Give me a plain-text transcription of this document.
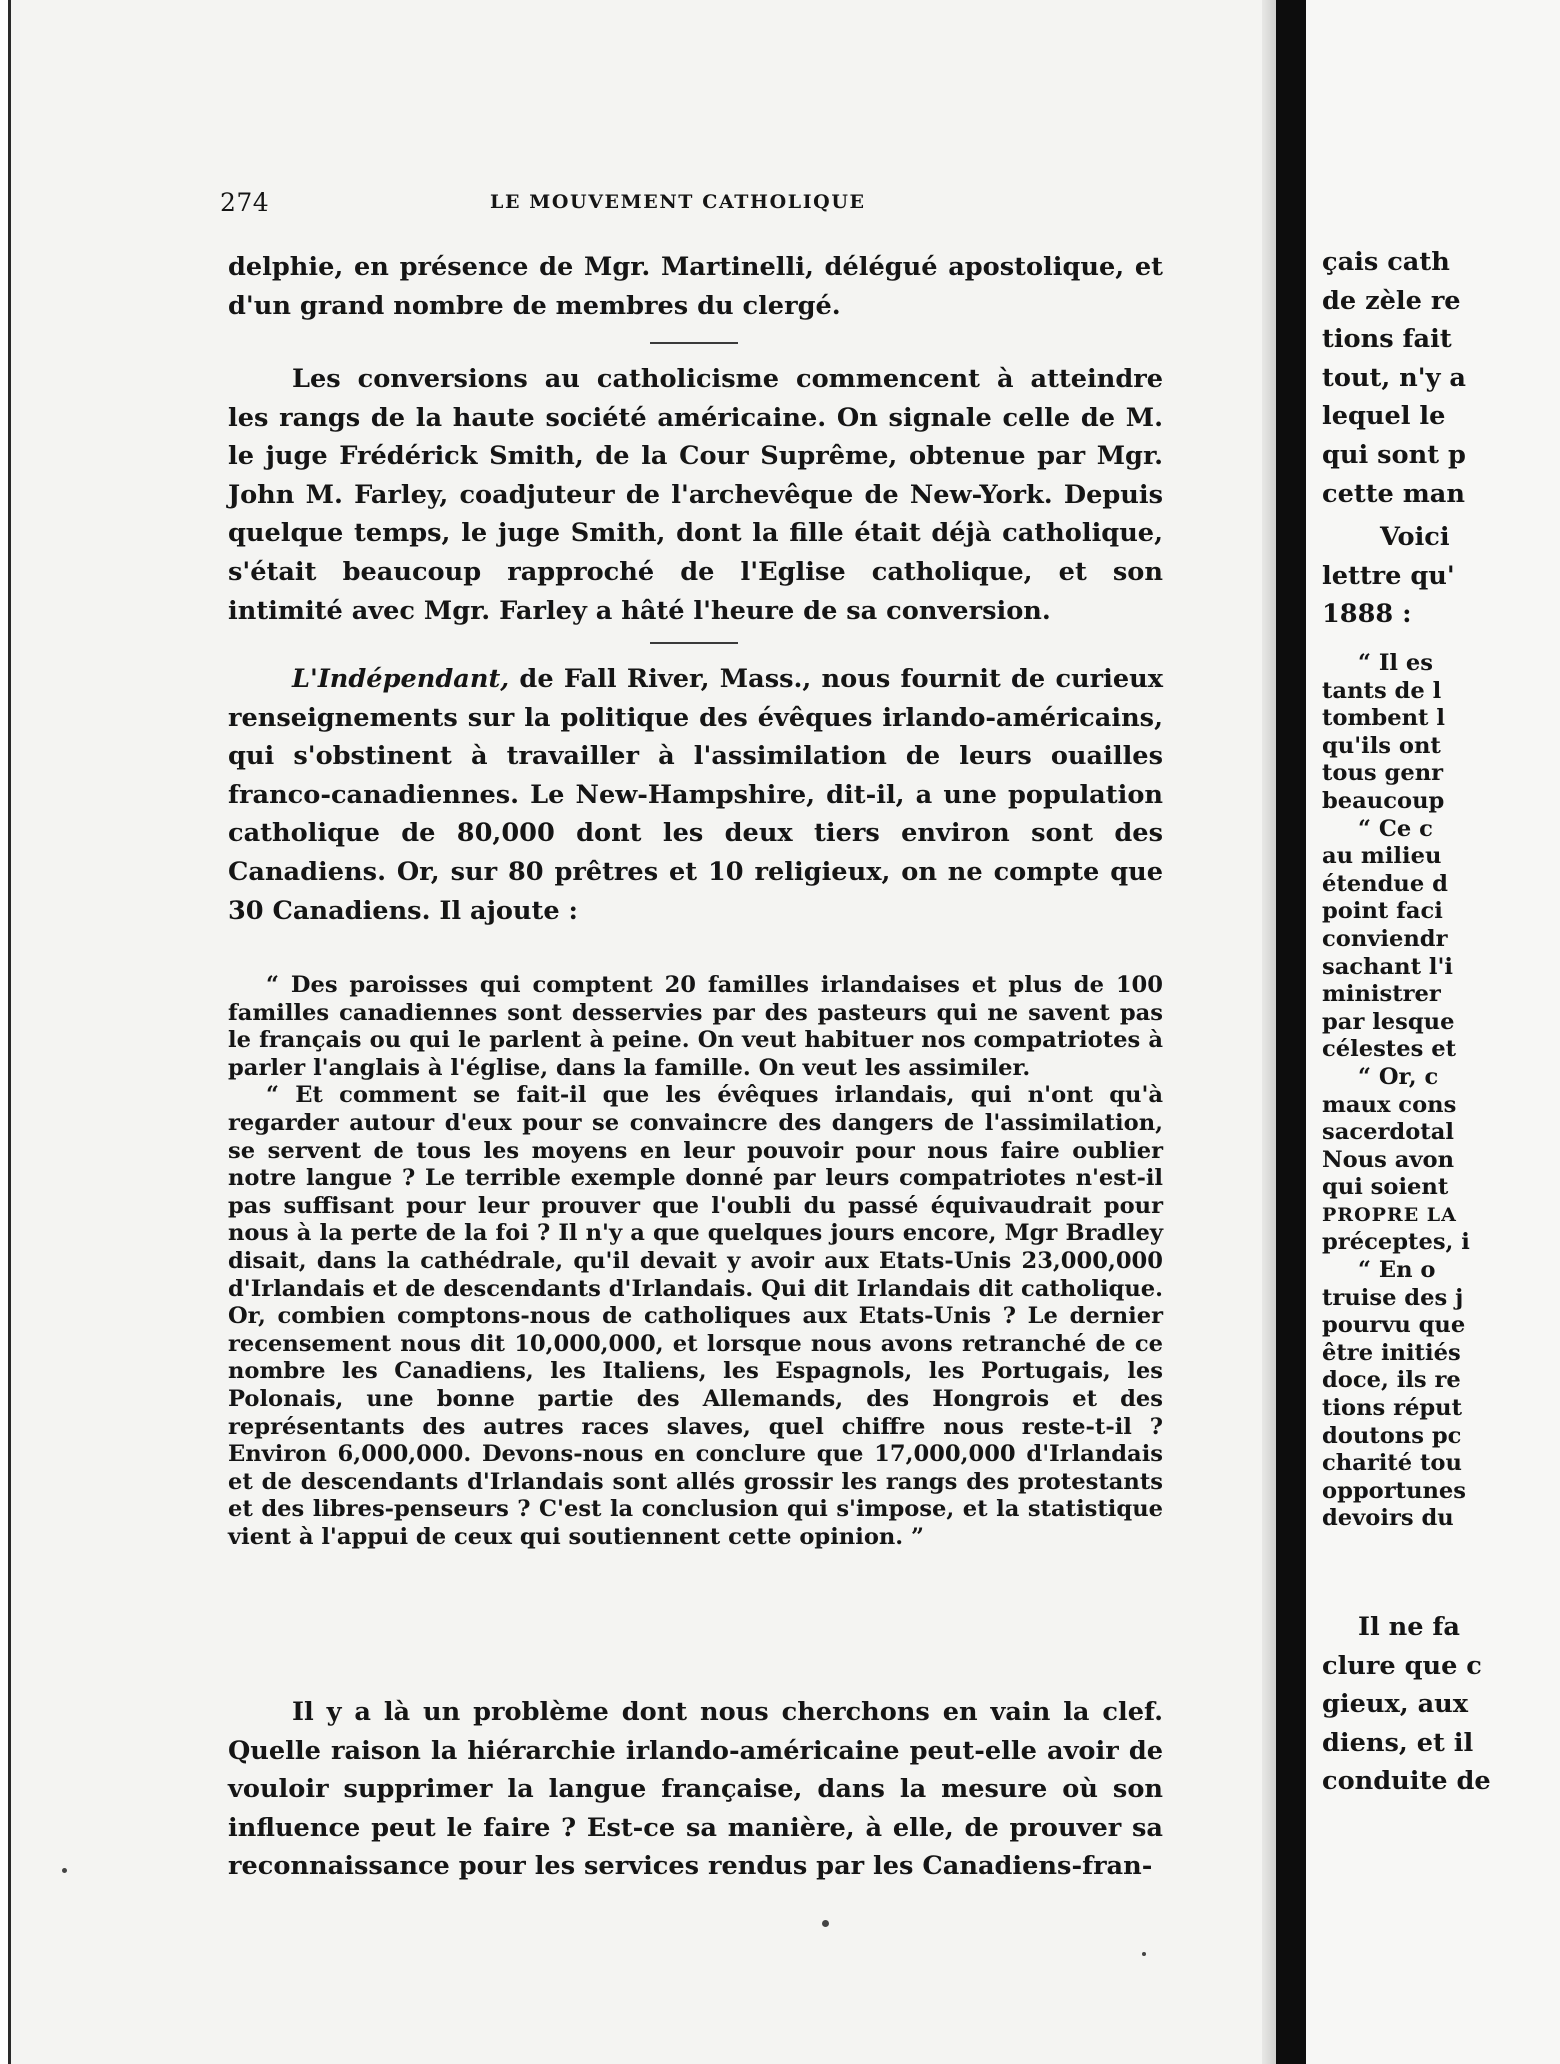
274	LE MOUVEMENT CATHOLIQUE

delphie, en présence de Mgr. Martinelli, délégué apostolique, et d'un grand nombre de membres du clergé.

Les conversions au catholicisme commencent à atteindre les rangs de la haute société américaine. On signale celle de M. le juge Frédérick Smith, de la Cour Suprême, obtenue par Mgr. John M. Farley, coadjuteur de l'archevêque de New-York. Depuis quelque temps, le juge Smith, dont la fille était déjà catholique, s'était beaucoup rapproché de l'Eglise catholique, et son intimité avec Mgr. Farley a hâté l'heure de sa conversion.

L'Indépendant, de Fall River, Mass., nous fournit de curieux renseignements sur la politique des évêques irlando-américains, qui s'obstinent à travailler à l'assimilation de leurs ouailles franco-canadiennes. Le New-Hampshire, dit-il, a une population catholique de 80,000 dont les deux tiers environ sont des Canadiens. Or, sur 80 prêtres et 10 religieux, on ne compte que 30 Canadiens. Il ajoute :

“ Des paroisses qui comptent 20 familles irlandaises et plus de 100 familles canadiennes sont desservies par des pasteurs qui ne savent pas le français ou qui le parlent à peine. On veut habituer nos compatriotes à parler l'anglais à l'église, dans la famille. On veut les assimiler.

“ Et comment se fait-il que les évêques irlandais, qui n'ont qu'à regarder autour d'eux pour se convaincre des dangers de l'assimilation, se servent de tous les moyens en leur pouvoir pour nous faire oublier notre langue ? Le terrible exemple donné par leurs compatriotes n'est-il pas suffisant pour leur prouver que l'oubli du passé équivaudrait pour nous à la perte de la foi ? Il n'y a que quelques jours encore, Mgr Bradley disait, dans la cathédrale, qu'il devait y avoir aux Etats-Unis 23,000,000 d'Irlandais et de descendants d'Irlandais. Qui dit Irlandais dit catholique. Or, combien comptons-nous de catholiques aux Etats-Unis ? Le dernier recensement nous dit 10,000,000, et lorsque nous avons retranché de ce nombre les Canadiens, les Italiens, les Espagnols, les Portugais, les Polonais, une bonne partie des Allemands, des Hongrois et des représentants des autres races slaves, quel chiffre nous reste-t-il ? Environ 6,000,000. Devons-nous en conclure que 17,000,000 d'Irlandais et de descendants d'Irlandais sont allés grossir les rangs des protestants et des libres-penseurs ? C'est la conclusion qui s'impose, et la statistique vient à l'appui de ceux qui soutiennent cette opinion. ”

Il y a là un problème dont nous cherchons en vain la clef. Quelle raison la hiérarchie irlando-américaine peut-elle avoir de vouloir supprimer la langue française, dans la mesure où son influence peut le faire ? Est-ce sa manière, à elle, de prouver sa reconnaissance pour les services rendus par les Canadiens-fran-

çais cath

de zèle re

tions fait

tout, n'y a

lequel le

qui sont p

cette man

Voici

lettre qu'

1888 :

“ Il es

tants de l

tombent l

qu'ils ont

tous genr

beaucoup

“ Ce c

au milieu

étendue d

point faci

conviendr

sachant l'i

ministrer

par lesque

célestes et

“ Or, c

maux cons

sacerdotal

Nous avon

qui soient

PROPRE LA

préceptes, i

“ En o

truise des j

pourvu que

être initiés

doce, ils re

tions réput

doutons pc

charité tou

opportunes

devoirs du

Il ne fa

clure que c

gieux, aux

diens, et il

conduite de
